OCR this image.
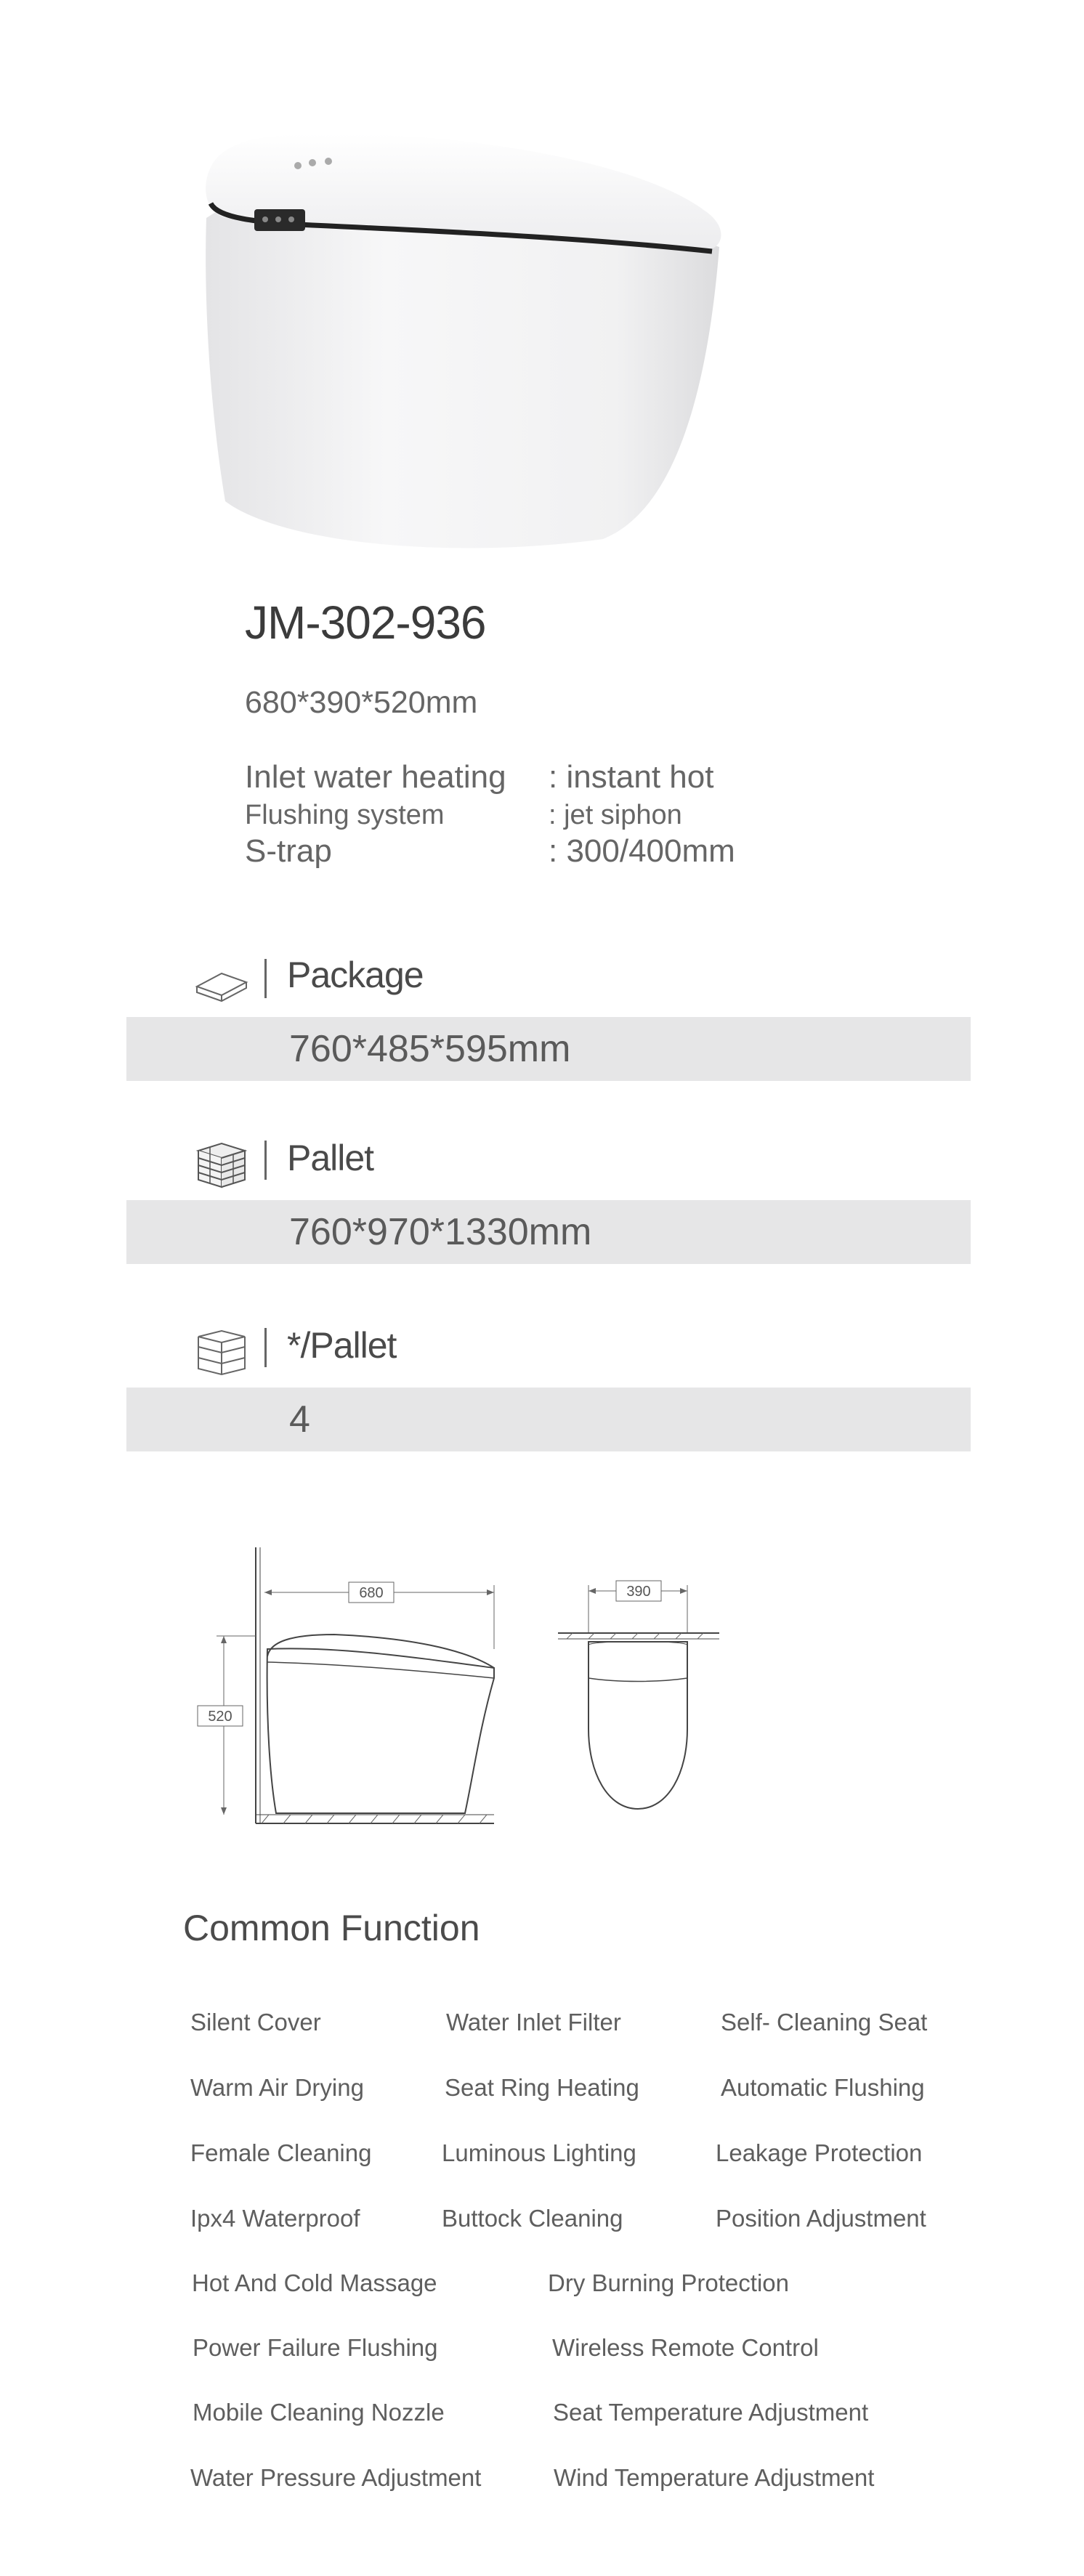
JM-302-936
680*390*520mm
Inlet water heating : instant hot
Flushing system	: jet siphon
S-trap	: 300/400mm
Package
760*485*595mm
Pallet
760*970*1330mm
*/Pallet
4
680
520
390
Common Function
Silent Cover	Water Inlet Filter	Self- Cleaning Seat
Warm Air Drying	Seat Ring Heating	Automatic Flushing
Female Cleaning	Luminous Lighting	Leakage Protection
Ipx4 Waterproof	Buttock Cleaning	Position Adjustment
Hot And Cold Massage	Dry Burning Protection
Power Failure Flushing	Wireless Remote Control
Mobile Cleaning Nozzle	Seat Temperature Adjustment
Water Pressure Adjustment	Wind Temperature Adjustment
